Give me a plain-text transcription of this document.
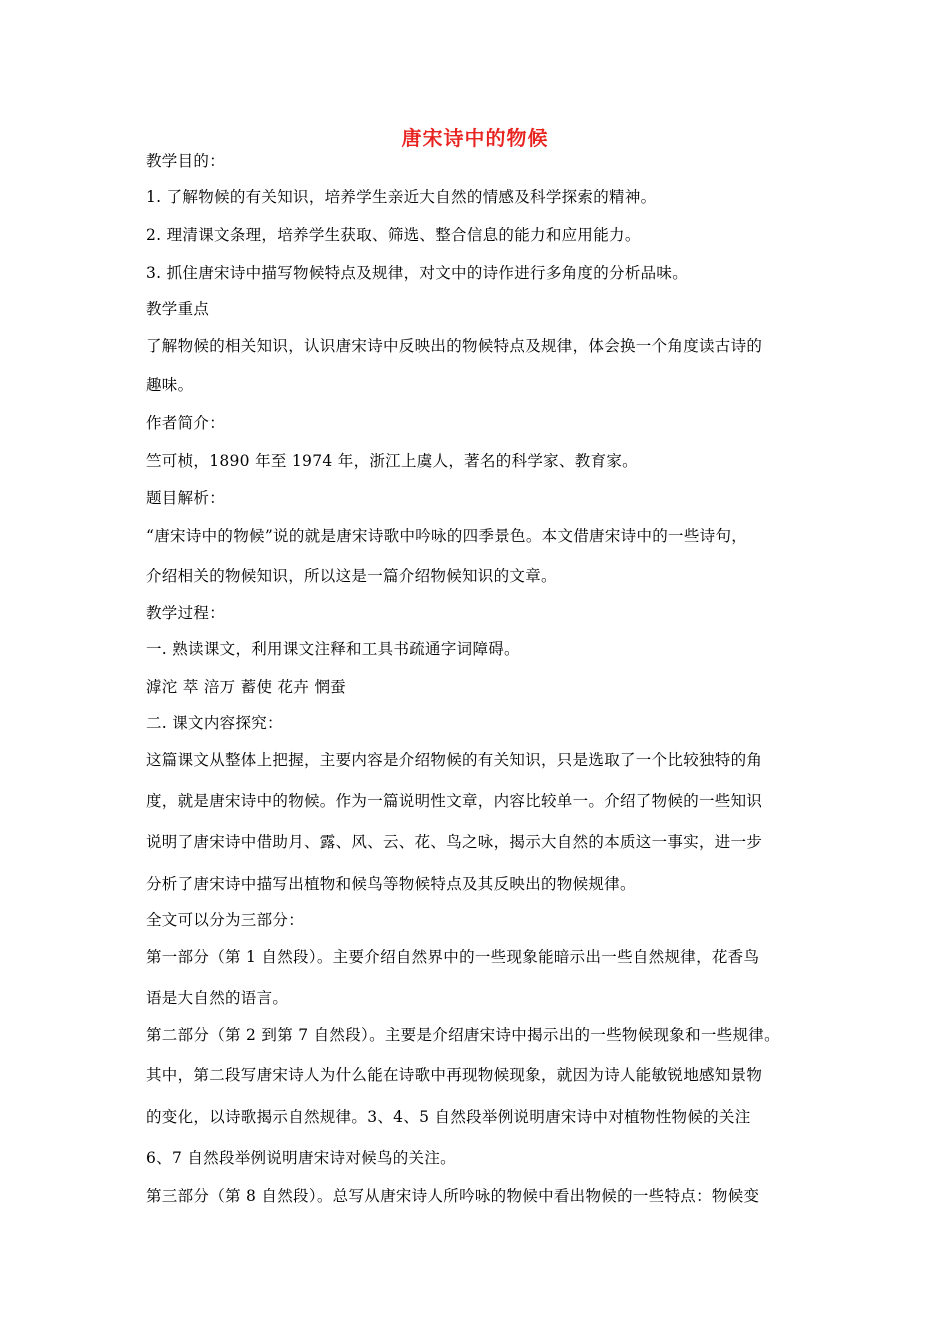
唐宋诗中的物候
教学目的：
1. 了解物候的有关知识，培养学生亲近大自然的情感及科学探索的精神。
2. 理清课文条理，培养学生获取、筛选、整合信息的能力和应用能力。
3. 抓住唐宋诗中描写物候特点及规律，对文中的诗作进行多角度的分析品味。
教学重点
了解物候的相关知识，认识唐宋诗中反映出的物候特点及规律，体会换一个角度读古诗的
趣味。
作者简介：
竺可桢，1890 年至 1974 年，浙江上虞人，著名的科学家、教育家。
题目解析：
“唐宋诗中的物候”说的就是唐宋诗歌中吟咏的四季景色。本文借唐宋诗中的一些诗句，
介绍相关的物候知识，所以这是一篇介绍物候知识的文章。
教学过程：
一. 熟读课文，利用课文注释和工具书疏通字词障碍。
滹沱 萃 涪万 蓄使 花卉 惘蚕
二. 课文内容探究：
这篇课文从整体上把握，主要内容是介绍物候的有关知识，只是选取了一个比较独特的角
度，就是唐宋诗中的物候。作为一篇说明性文章，内容比较单一。介绍了物候的一些知识
说明了唐宋诗中借助月、露、风、云、花、鸟之咏，揭示大自然的本质这一事实，进一步
分析了唐宋诗中描写出植物和候鸟等物候特点及其反映出的物候规律。
全文可以分为三部分：
第一部分（第 1 自然段）。主要介绍自然界中的一些现象能暗示出一些自然规律，花香鸟
语是大自然的语言。
第二部分（第 2 到第 7 自然段）。主要是介绍唐宋诗中揭示出的一些物候现象和一些规律。
其中，第二段写唐宋诗人为什么能在诗歌中再现物候现象，就因为诗人能敏锐地感知景物
的变化，以诗歌揭示自然规律。3、4、5 自然段举例说明唐宋诗中对植物性物候的关注
6、7 自然段举例说明唐宋诗对候鸟的关注。
第三部分（第 8 自然段）。总写从唐宋诗人所吟咏的物候中看出物候的一些特点：物候变
